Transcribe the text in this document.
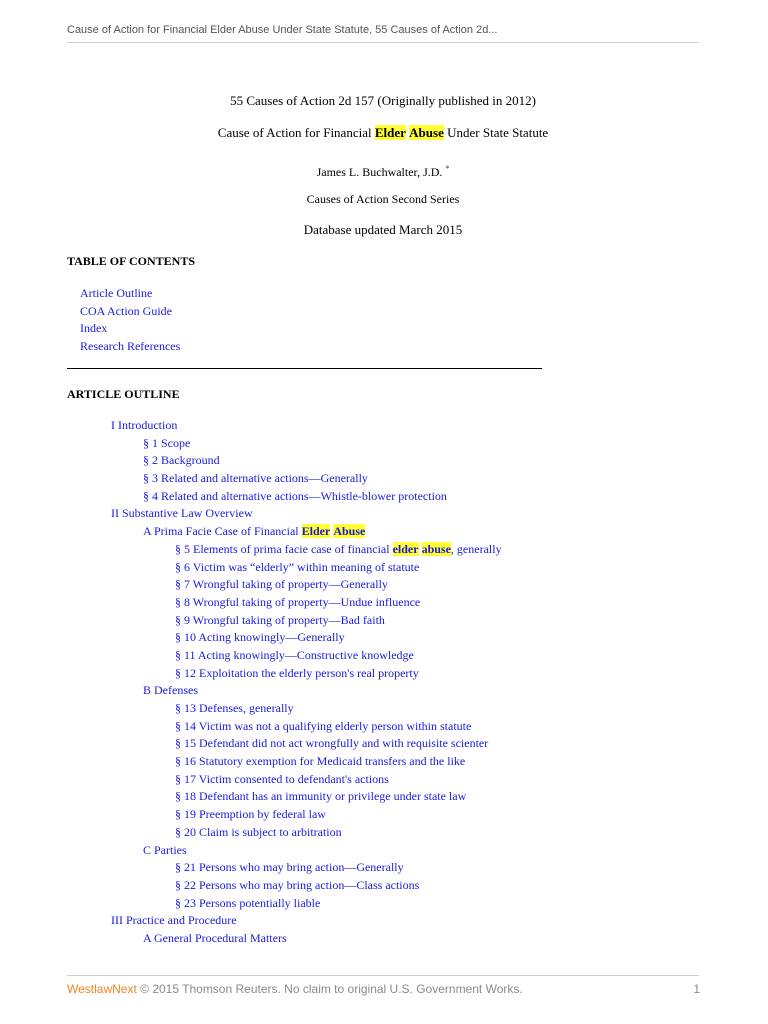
Cause of Action for Financial Elder Abuse Under State Statute, 55 Causes of Action 2d...
55 Causes of Action 2d 157 (Originally published in 2012)
Cause of Action for Financial Elder Abuse Under State Statute
James L. Buchwalter, J.D. *
Causes of Action Second Series
Database updated March 2015
TABLE OF CONTENTS
Article Outline
COA Action Guide
Index
Research References
ARTICLE OUTLINE
I Introduction
§ 1 Scope
§ 2 Background
§ 3 Related and alternative actions—Generally
§ 4 Related and alternative actions—Whistle-blower protection
II Substantive Law Overview
A Prima Facie Case of Financial Elder Abuse
§ 5 Elements of prima facie case of financial elder abuse, generally
§ 6 Victim was “elderly” within meaning of statute
§ 7 Wrongful taking of property—Generally
§ 8 Wrongful taking of property—Undue influence
§ 9 Wrongful taking of property—Bad faith
§ 10 Acting knowingly—Generally
§ 11 Acting knowingly—Constructive knowledge
§ 12 Exploitation the elderly person's real property
B Defenses
§ 13 Defenses, generally
§ 14 Victim was not a qualifying elderly person within statute
§ 15 Defendant did not act wrongfully and with requisite scienter
§ 16 Statutory exemption for Medicaid transfers and the like
§ 17 Victim consented to defendant's actions
§ 18 Defendant has an immunity or privilege under state law
§ 19 Preemption by federal law
§ 20 Claim is subject to arbitration
C Parties
§ 21 Persons who may bring action—Generally
§ 22 Persons who may bring action—Class actions
§ 23 Persons potentially liable
III Practice and Procedure
A General Procedural Matters
WestlawNext © 2015 Thomson Reuters. No claim to original U.S. Government Works.	1
